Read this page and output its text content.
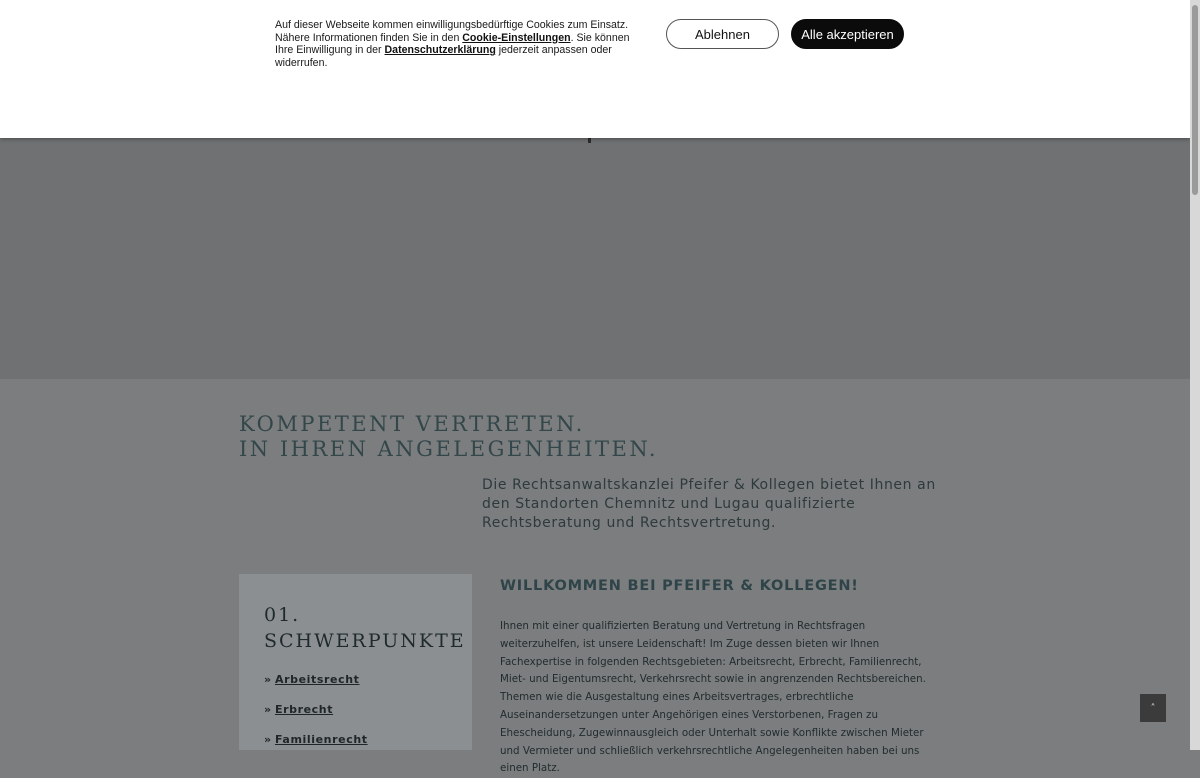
Auf dieser Webseite kommen einwilligungsbedürftige Cookies zum Einsatz. Nähere Informationen finden Sie in den Cookie-Einstellungen. Sie können Ihre Einwilligung in der Datenschutzerklärung jederzeit anpassen oder widerrufen.
Ablehnen	Alle akzeptieren
KOMPETENT VERTRETEN.
IN IHREN ANGELEGENHEITEN.
Die Rechtsanwaltskanzlei Pfeifer & Kollegen bietet Ihnen an den Standorten Chemnitz und Lugau qualifizierte Rechtsberatung und Rechtsvertretung.
01.
SCHWERPUNKTE
» Arbeitsrecht
» Erbrecht
» Familienrecht
WILLKOMMEN BEI PFEIFER & KOLLEGEN!
Ihnen mit einer qualifizierten Beratung und Vertretung in Rechtsfragen weiterzuhelfen, ist unsere Leidenschaft! Im Zuge dessen bieten wir Ihnen Fachexpertise in folgenden Rechtsgebieten: Arbeitsrecht, Erbrecht, Familienrecht, Miet- und Eigentumsrecht, Verkehrsrecht sowie in angrenzenden Rechtsbereichen. Themen wie die Ausgestaltung eines Arbeitsvertrages, erbrechtliche Auseinandersetzungen unter Angehörigen eines Verstorbenen, Fragen zu Ehescheidung, Zugewinnausgleich oder Unterhalt sowie Konflikte zwischen Mieter und Vermieter und schließlich verkehrsrechtliche Angelegenheiten haben bei uns einen Platz.
˄
